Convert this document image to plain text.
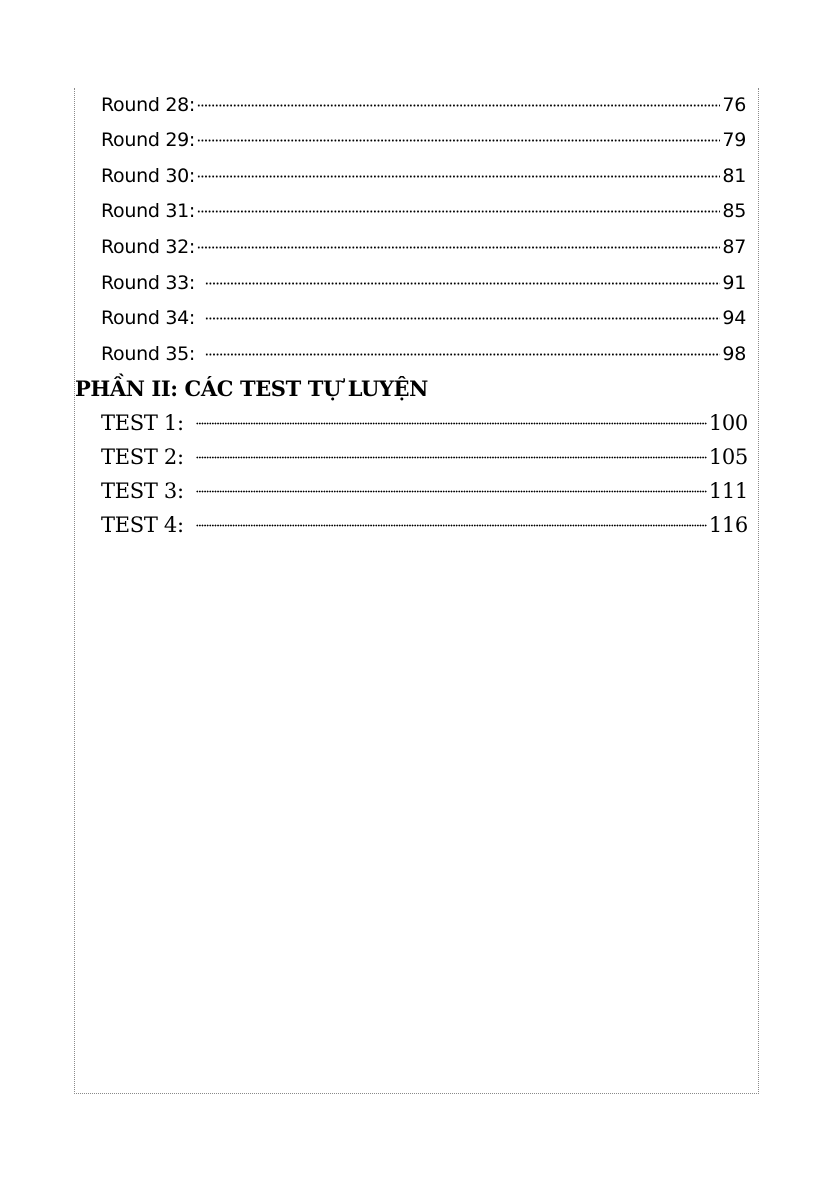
Round 28:	76
Round 29:	79
Round 30:	81
Round 31:	85
Round 32:	87
Round 33:	91
Round 34:	94
Round 35:	98
PHẦN II: CÁC TEST TỰ LUYỆN
TEST 1:	100
TEST 2:	105
TEST 3:	111
TEST 4:	116
